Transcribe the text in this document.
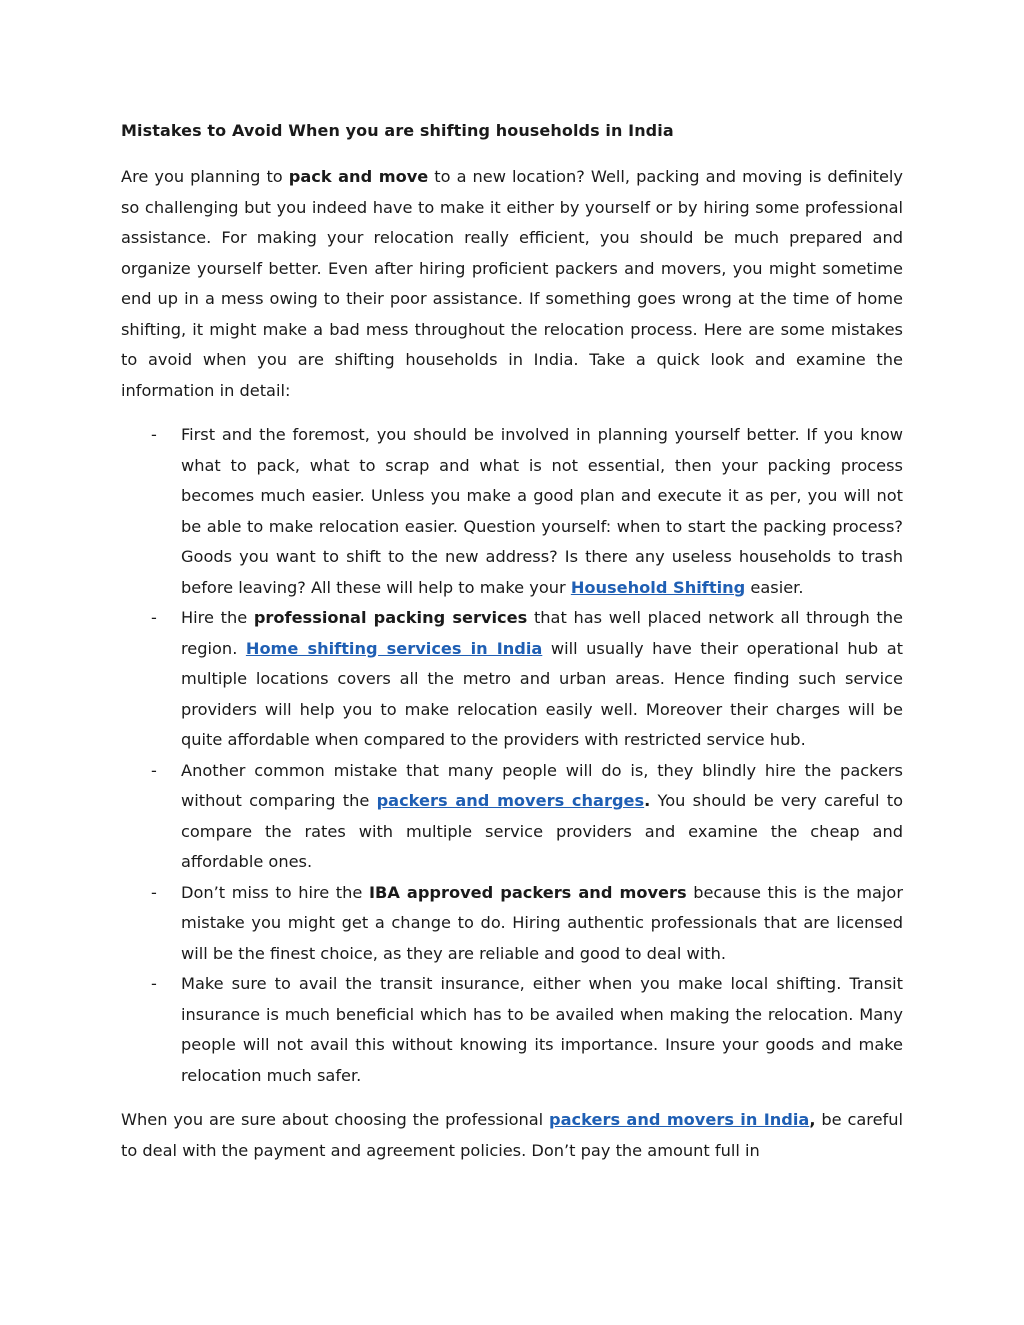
Mistakes to Avoid When you are shifting households in India

Are you planning to pack and move to a new location? Well, packing and moving is definitely so challenging but you indeed have to make it either by yourself or by hiring some professional assistance. For making your relocation really efficient, you should be much prepared and organize yourself better. Even after hiring proficient packers and movers, you might sometime end up in a mess owing to their poor assistance. If something goes wrong at the time of home shifting, it might make a bad mess throughout the relocation process. Here are some mistakes to avoid when you are shifting households in India. Take a quick look and examine the information in detail:

- First and the foremost, you should be involved in planning yourself better. If you know what to pack, what to scrap and what is not essential, then your packing process becomes much easier. Unless you make a good plan and execute it as per, you will not be able to make relocation easier. Question yourself: when to start the packing process? Goods you want to shift to the new address? Is there any useless households to trash before leaving? All these will help to make your Household Shifting easier.
- Hire the professional packing services that has well placed network all through the region. Home shifting services in India will usually have their operational hub at multiple locations covers all the metro and urban areas. Hence finding such service providers will help you to make relocation easily well. Moreover their charges will be quite affordable when compared to the providers with restricted service hub.
- Another common mistake that many people will do is, they blindly hire the packers without comparing the packers and movers charges. You should be very careful to compare the rates with multiple service providers and examine the cheap and affordable ones.
- Don’t miss to hire the IBA approved packers and movers because this is the major mistake you might get a change to do. Hiring authentic professionals that are licensed will be the finest choice, as they are reliable and good to deal with.
- Make sure to avail the transit insurance, either when you make local shifting. Transit insurance is much beneficial which has to be availed when making the relocation. Many people will not avail this without knowing its importance. Insure your goods and make relocation much safer.

When you are sure about choosing the professional packers and movers in India, be careful to deal with the payment and agreement policies. Don’t pay the amount full in
